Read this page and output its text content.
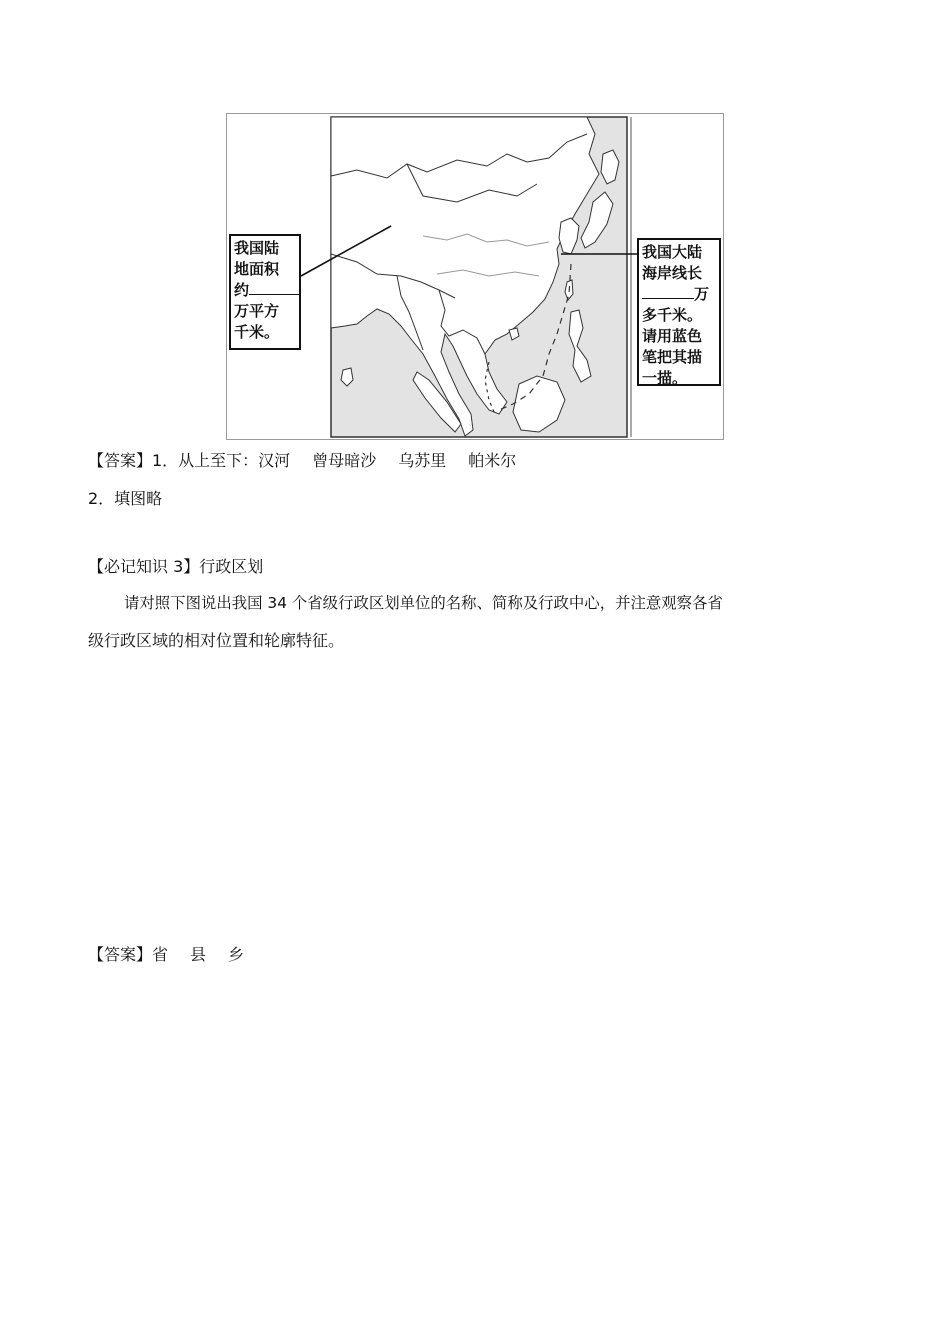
我国陆
地面积
约
万平方
千米。
我国大陆
海岸线长
万
多千米。
请用蓝色
笔把其描
一描。
【答案】1．从上至下：汉河 曾母暗沙 乌苏里 帕米尔
2．填图略
【必记知识 3】行政区划
请对照下图说出我国 34 个省级行政区划单位的名称、简称及行政中心，并注意观察各省
级行政区域的相对位置和轮廓特征。
【答案】省 县 乡
